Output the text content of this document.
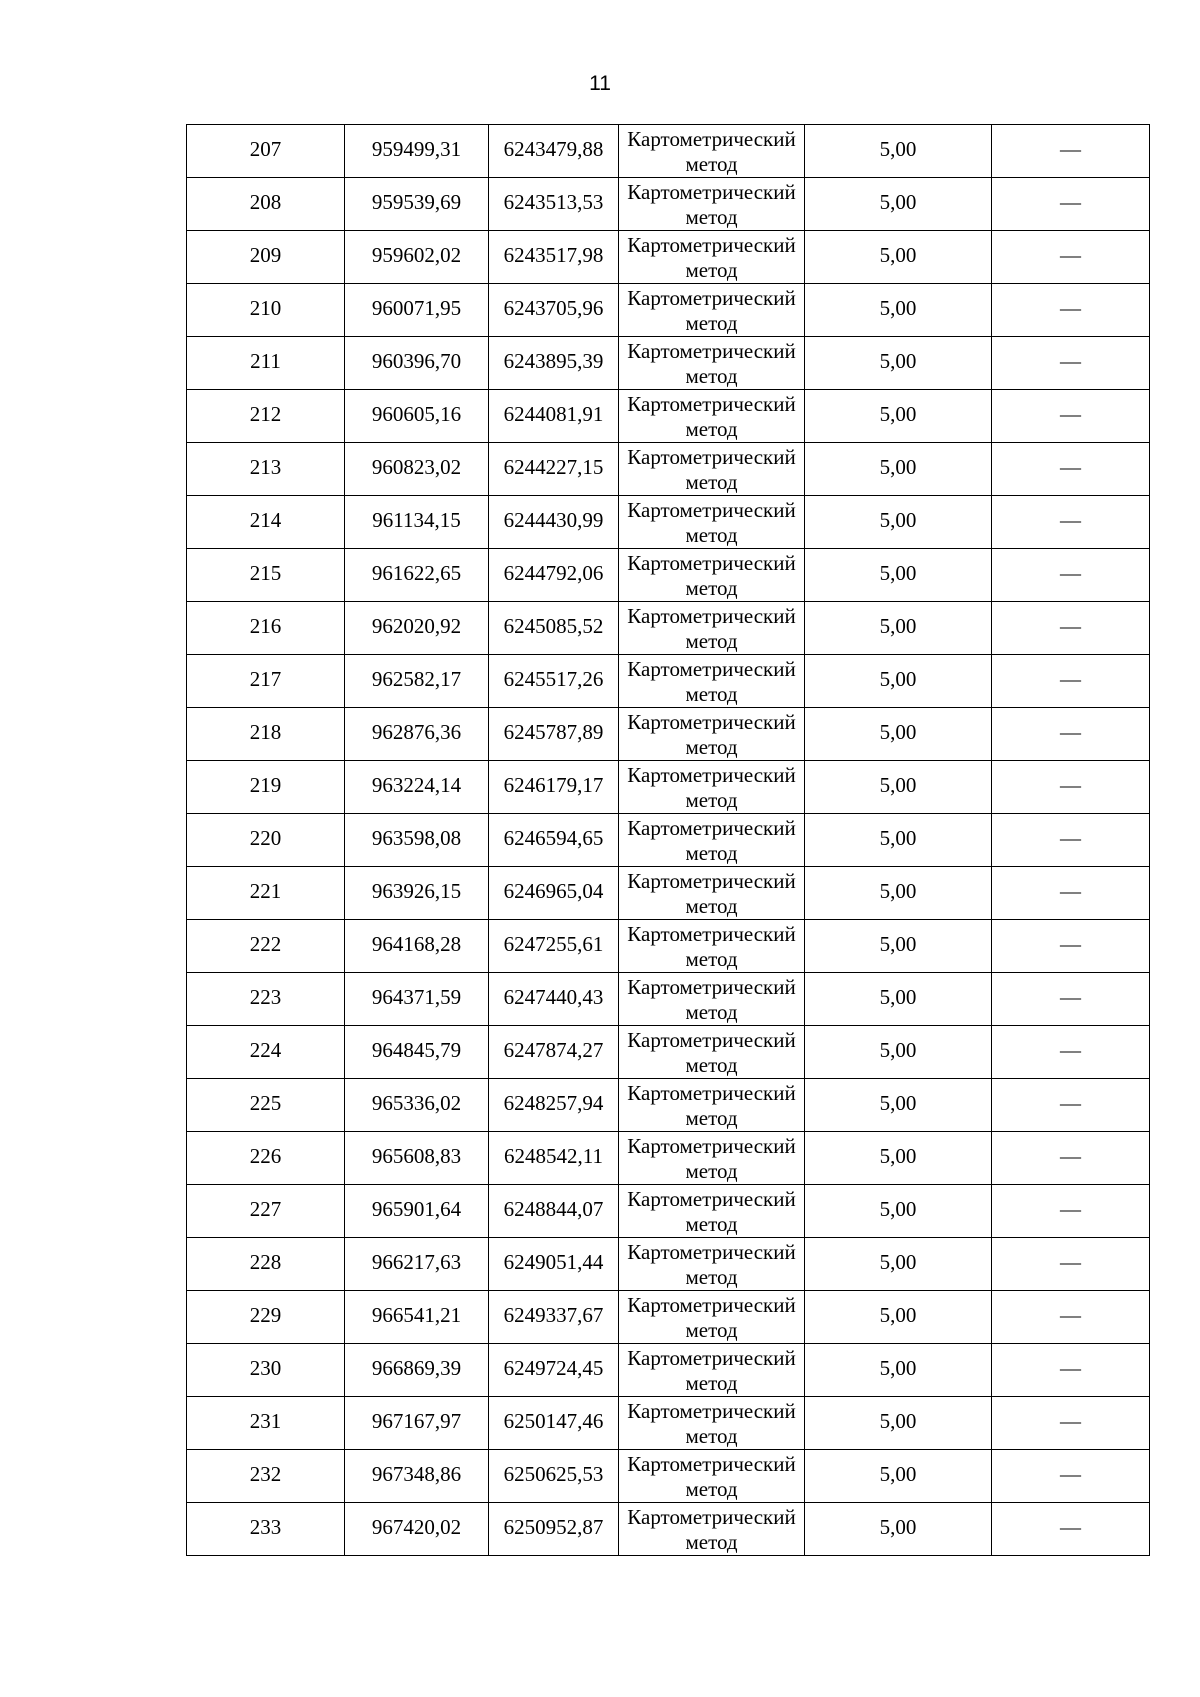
11
207	959499,31	6243479,88	Картометрический метод	5,00	—

208	959539,69	6243513,53	Картометрический метод	5,00	—

209	959602,02	6243517,98	Картометрический метод	5,00	—

210	960071,95	6243705,96	Картометрический метод	5,00	—

211	960396,70	6243895,39	Картометрический метод	5,00	—

212	960605,16	6244081,91	Картометрический метод	5,00	—

213	960823,02	6244227,15	Картометрический метод	5,00	—

214	961134,15	6244430,99	Картометрический метод	5,00	—

215	961622,65	6244792,06	Картометрический метод	5,00	—

216	962020,92	6245085,52	Картометрический метод	5,00	—

217	962582,17	6245517,26	Картометрический метод	5,00	—

218	962876,36	6245787,89	Картометрический метод	5,00	—

219	963224,14	6246179,17	Картометрический метод	5,00	—

220	963598,08	6246594,65	Картометрический метод	5,00	—

221	963926,15	6246965,04	Картометрический метод	5,00	—

222	964168,28	6247255,61	Картометрический метод	5,00	—

223	964371,59	6247440,43	Картометрический метод	5,00	—

224	964845,79	6247874,27	Картометрический метод	5,00	—

225	965336,02	6248257,94	Картометрический метод	5,00	—

226	965608,83	6248542,11	Картометрический метод	5,00	—

227	965901,64	6248844,07	Картометрический метод	5,00	—

228	966217,63	6249051,44	Картометрический метод	5,00	—

229	966541,21	6249337,67	Картометрический метод	5,00	—

230	966869,39	6249724,45	Картометрический метод	5,00	—

231	967167,97	6250147,46	Картометрический метод	5,00	—

232	967348,86	6250625,53	Картометрический метод	5,00	—

233	967420,02	6250952,87	Картометрический метод	5,00	—
